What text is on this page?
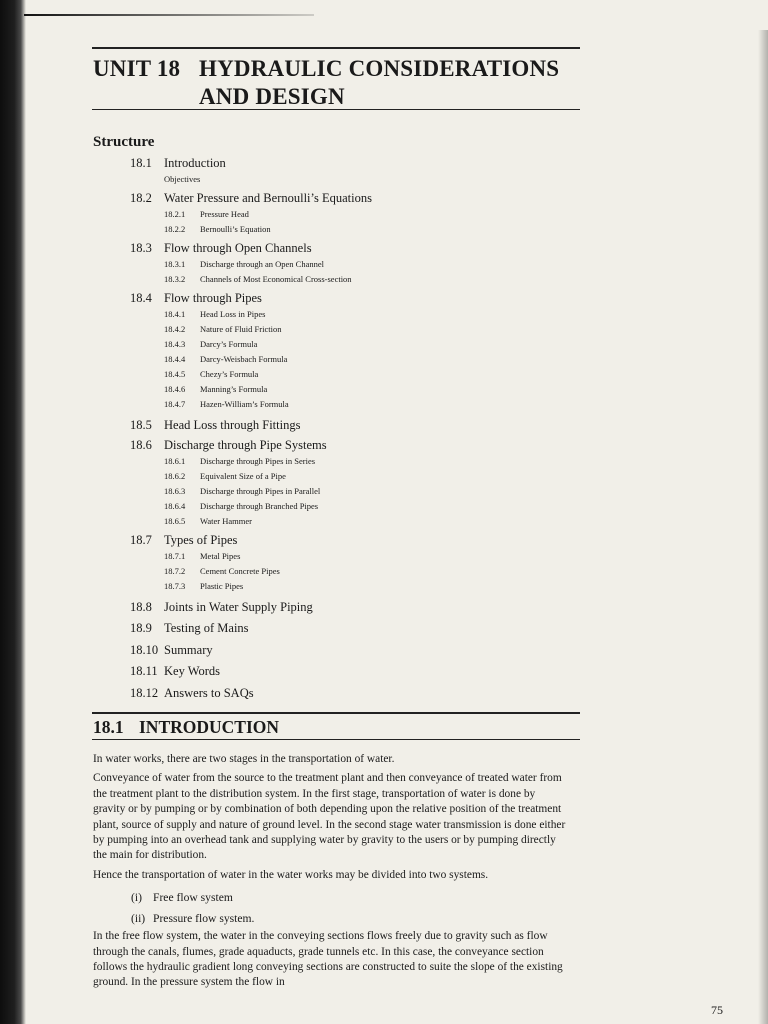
UNIT 18 HYDRAULIC CONSIDERATIONS
AND DESIGN
Structure
18.1 Introduction
Objectives
18.2 Water Pressure and Bernoulli’s Equations
18.2.1 Pressure Head
18.2.2 Bernoulli’s Equation
18.3 Flow through Open Channels
18.3.1 Discharge through an Open Channel
18.3.2 Channels of Most Economical Cross-section
18.4 Flow through Pipes
18.4.1 Head Loss in Pipes
18.4.2 Nature of Fluid Friction
18.4.3 Darcy’s Formula
18.4.4 Darcy-Weisbach Formula
18.4.5 Chezy’s Formula
18.4.6 Manning’s Formula
18.4.7 Hazen-William’s Formula
18.5 Head Loss through Fittings
18.6 Discharge through Pipe Systems
18.6.1 Discharge through Pipes in Series
18.6.2 Equivalent Size of a Pipe
18.6.3 Discharge through Pipes in Parallel
18.6.4 Discharge through Branched Pipes
18.6.5 Water Hammer
18.7 Types of Pipes
18.7.1 Metal Pipes
18.7.2 Cement Concrete Pipes
18.7.3 Plastic Pipes
18.8 Joints in Water Supply Piping
18.9 Testing of Mains
18.10 Summary
18.11 Key Words
18.12 Answers to SAQs
18.1 INTRODUCTION

In water works, there are two stages in the transportation of water.

Conveyance of water from the source to the treatment plant and then conveyance of treated water from the treatment plant to the distribution system. In the first stage, transportation of water is done by gravity or by pumping or by combination of both depending upon the relative position of the treatment plant, source of supply and nature of ground level. In the second stage water transmission is done either by pumping into an overhead tank and supplying water by gravity to the users or by pumping directly the main for distribution.

Hence the transportation of water in the water works may be divided into two systems.

(i) Free flow system
(ii) Pressure flow system.

In the free flow system, the water in the conveying sections flows freely due to gravity such as flow through the canals, flumes, grade aquaducts, grade tunnels etc. In this case, the conveyance section follows the hydraulic gradient long conveying sections are constructed to suite the slope of the existing ground. In the pressure system the flow in

75
